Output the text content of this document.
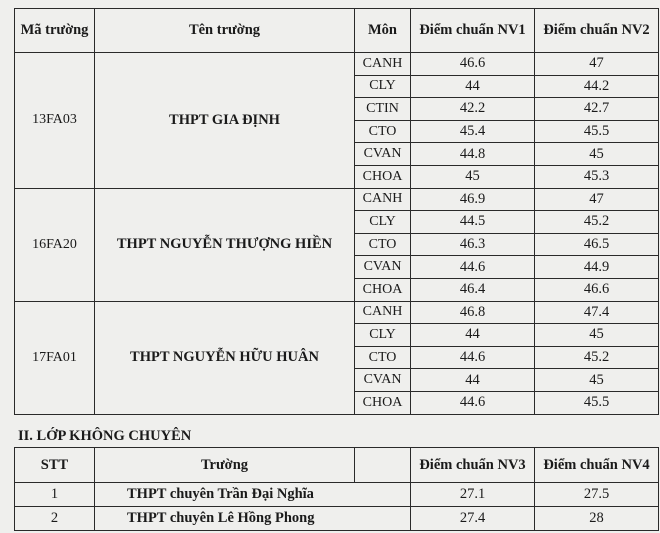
Mã trường	Tên trường	Môn	Điểm chuẩn NV1	Điểm chuẩn NV2
13FA03	THPT GIA ĐỊNH	CANH	46.6	47
		CLY	44	44.2
		CTIN	42.2	42.7
		CTO	45.4	45.5
		CVAN	44.8	45
		CHOA	45	45.3
16FA20	THPT NGUYỄN THƯỢNG HIỀN	CANH	46.9	47
		CLY	44.5	45.2
		CTO	46.3	46.5
		CVAN	44.6	44.9
		CHOA	46.4	46.6
17FA01	THPT NGUYỄN HỮU HUÂN	CANH	46.8	47.4
		CLY	44	45
		CTO	44.6	45.2
		CVAN	44	45
		CHOA	44.6	45.5
II. LỚP KHÔNG CHUYÊN
STT	Trường		Điểm chuẩn NV3	Điểm chuẩn NV4
1	THPT chuyên Trần Đại Nghĩa		27.1	27.5
2	THPT chuyên Lê Hồng Phong		27.4	28
